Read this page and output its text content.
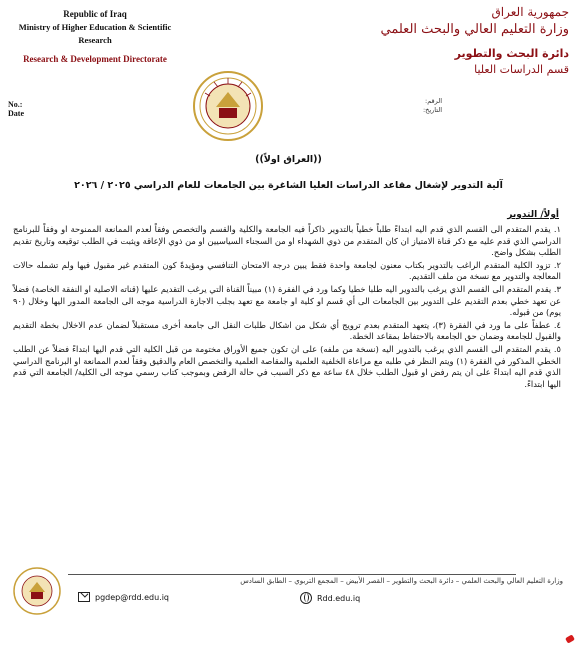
Republic of Iraq
Ministry of Higher Education & Scientific
Research
Research & Development Directorate
جمهورية العراق
وزارة التعليم العالي والبحث العلمي
دائرة البحث والتطوير
قسم الدراسات العليا
No.:
Date
الرقم:
التاريخ:
((العراق اولاً))
آلية التدوير لإشغال مقاعد الدراسات العليا الشاغرة بين الجامعات للعام الدراسي ٢٠٢٥ / ٢٠٢٦
أولاً/ التدوير

١. يقدم المتقدم الى القسم الذي قدم اليه ابتداءً طلباً خطياً بالتدوير ذاكراً فيه الجامعة والكلية والقسم والتخصص وفقاً لعدم الممانعة الممنوحة او وفقاً للبرنامج الدراسي الذي قدم عليه مع ذكر قناة الامتياز ان كان المتقدم من ذوي الشهداء او من السجناء السياسيين او من ذوي الإعاقة ويثبت في الطلب توقيعه وتاريخ تقديم الطلب بشكل واضح.

٢. تزود الكلية المتقدم الراغب بالتدوير بكتاب معنون لجامعة واحدة فقط يبين درجة الامتحان التنافسي ومؤيدةً كون المتقدم غير مقبول فيها ولم تشمله حالات المعالجة والتدوير مع نسخة من ملف التقديم.

٣. يقدم المتقدم الى القسم الذي يرغب بالتدوير اليه طلبا خطيا وكما ورد في الفقرة (١) مبيناً القناة التي يرغب التقديم عليها (قناته الاصلية او النفقة الخاصة) فضلاً عن تعهد خطي بعدم التقديم على التدوير بين الجامعات الى أي قسم او كلية او جامعة مع تعهد بجلب الاجازة الدراسية موجه الى الجامعة المدور اليها وخلال (٩٠ يوم) من قبوله.

٤. عطفاً على ما ورد في الفقرة (٣)، يتعهد المتقدم بعدم ترويج أي شكل من اشكال طلبات النقل الى جامعة أخرى مستقبلاً لضمان عدم الاخلال بخطة التقديم والقبول للجامعة وضمان حق الجامعة بالاحتفاظ بمقاعد الخطة.

٥. يقدم المتقدم الى القسم الذي يرغب بالتدوير اليه (نسخة من ملفه) على ان تكون جميع الأوراق مختومة من قبل الكلية التي قدم اليها ابتداءً فضلاً عن الطلب الخطي المذكور في الفقرة (١) ويتم النظر في طلبه مع مراعاة الخلفية العلمية والمقاصة العلمية والتخصص العام والدقيق وفقاً لعدم الممانعة او البرنامج الدراسي الذي قدم اليه ابتداءً على ان يتم رفض او قبول الطلب خلال ٤٨ ساعة مع ذكر السبب في حالة الرفض وبموجب كتاب رسمي موجه الى الكلية/ الجامعة التي قدم اليها ابتداءً.

وزارة التعليم العالي والبحث العلمي – دائرة البحث والتطوير – القصر الأبيض – المجمع التربوي – الطابق السادس
pgdep@rdd.edu.iq	Rdd.edu.iq
